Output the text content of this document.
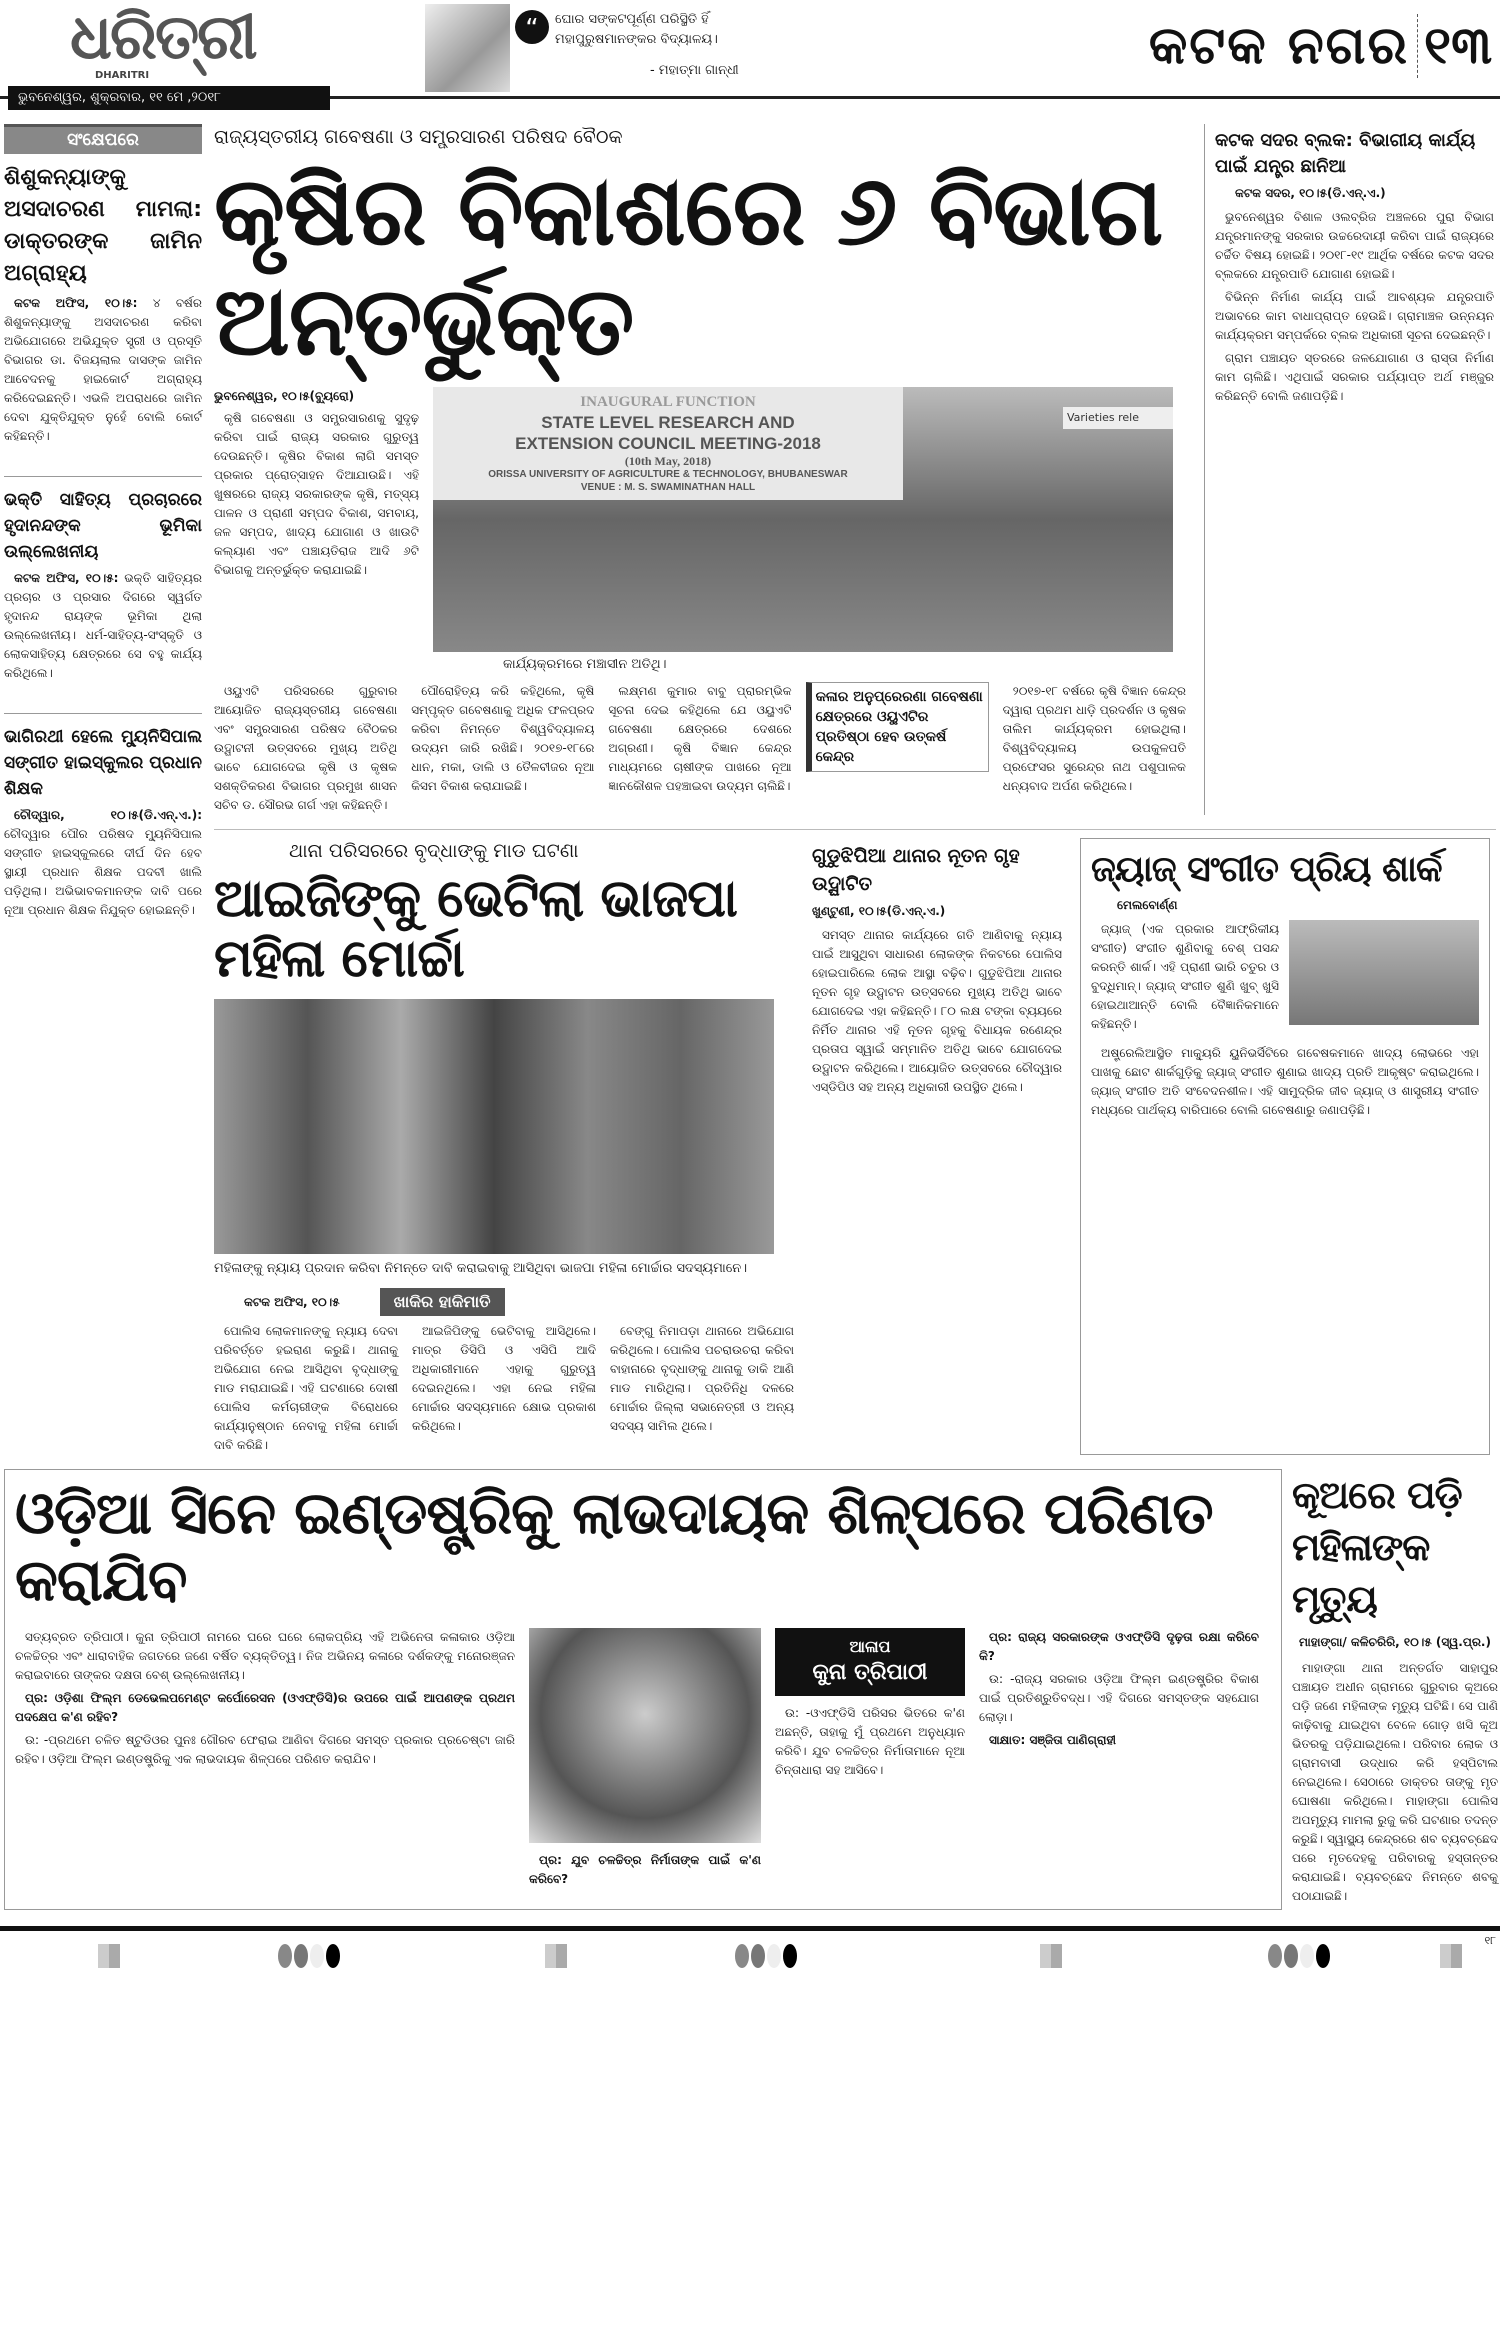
ଧରିତ୍ରୀ
DHARITRI
ଭୁବନେଶ୍ୱର, ଶୁକ୍ରବାର, ୧୧ ମେ ,୨୦୧୮
“	ଘୋର ସଙ୍କଟପୂର୍ଣ୍ଣ ପରିସ୍ଥିତି ହିଁ
ମହାପୁରୁଷମାନଙ୍କର ବିଦ୍ୟାଳୟ।
- ମହାତ୍ମା ଗାନ୍ଧୀ	କଟକ ନଗର ୧୩
ସଂକ୍ଷେପରେ
ଶିଶୁକନ୍ୟାଙ୍କୁ ଅସଦାଚରଣ ମାମଲା: ଡାକ୍ତରଙ୍କ ଜାମିନ ଅଗ୍ରାହ୍ୟ

କଟକ ଅଫିସ, ୧୦।୫: ୪ ବର୍ଷର ଶିଶୁକନ୍ୟାଙ୍କୁ ଅସଦାଚରଣ କରିବା ଅଭିଯୋଗରେ ଅଭିଯୁକ୍ତ ସ୍ତ୍ରୀ ଓ ପ୍ରସୂତି ବିଭାଗର ଡା. ବିଜୟଲାଲ ଦାସଙ୍କ ଜାମିନ ଆବେଦନକୁ ହାଇକୋର୍ଟ ଅଗ୍ରାହ୍ୟ କରିଦେଇଛନ୍ତି। ଏଭଳି ଅପରାଧରେ ଜାମିନ ଦେବା ଯୁକ୍ତିଯୁକ୍ତ ନୁହେଁ ବୋଲି କୋର୍ଟ କହିଛନ୍ତି।

ଭକ୍ତି ସାହିତ୍ୟ ପ୍ରଚାରରେ ହୃଦାନନ୍ଦଙ୍କ ଭୂମିକା ଉଲ୍ଲେଖନୀୟ

କଟକ ଅଫିସ, ୧୦।୫: ଭକ୍ତି ସାହିତ୍ୟର ପ୍ରଚାର ଓ ପ୍ରସାର ଦିଗରେ ସ୍ୱର୍ଗତ ହୃଦାନନ୍ଦ ରାୟଙ୍କ ଭୂମିକା ଥିଲା ଉଲ୍ଲେଖନୀୟ। ଧର୍ମ-ସାହିତ୍ୟ-ସଂସ୍କୃତି ଓ ଲୋକସାହିତ୍ୟ କ୍ଷେତ୍ରରେ ସେ ବହୁ କାର୍ଯ୍ୟ କରିଥିଲେ।

ଭାଗିରଥୀ ହେଲେ ମ୍ୟୁନିସିପାଲ ସଙ୍ଗୀତ ହାଇସ୍କୁଲର ପ୍ରଧାନ ଶିକ୍ଷକ

ଚୌଦ୍ୱାର, ୧୦।୫(ଡି.ଏନ୍.ଏ.): ଚୌଦ୍ୱାର ପୌର ପରିଷଦ ମ୍ୟୁନିସିପାଲ ସଙ୍ଗୀତ ହାଇସ୍କୁଲରେ ଦୀର୍ଘ ଦିନ ହେବ ସ୍ଥାୟୀ ପ୍ରଧାନ ଶିକ୍ଷକ ପଦବୀ ଖାଲି ପଡ଼ିଥିଲା। ଅଭିଭାବକମାନଙ୍କ ଦାବି ପରେ ନୂଆ ପ୍ରଧାନ ଶିକ୍ଷକ ନିଯୁକ୍ତ ହୋଇଛନ୍ତି।

ରାଜ୍ୟସ୍ତରୀୟ ଗବେଷଣା ଓ ସମ୍ପ୍ରସାରଣ ପରିଷଦ ବୈଠକ
କୃଷିର ବିକାଶରେ ୬ ବିଭାଗ ଅନ୍ତର୍ଭୁକ୍ତ
ଭୁବନେଶ୍ୱର, ୧୦।୫(ବ୍ୟୁରୋ)

କୃଷି ଗବେଷଣା ଓ ସମ୍ପ୍ରସାରଣକୁ ସୁଦୃଢ଼ କରିବା ପାଇଁ ରାଜ୍ୟ ସରକାର ଗୁରୁତ୍ୱ ଦେଉଛନ୍ତି। କୃଷିର ବିକାଶ ଲାଗି ସମସ୍ତ ପ୍ରକାର ପ୍ରୋତ୍ସାହନ ଦିଆଯାଉଛି। ଏହି ଖୁଷରରେ ରାଜ୍ୟ ସରକାରଙ୍କ କୃଷି, ମତ୍ସ୍ୟ ପାଳନ ଓ ପ୍ରାଣୀ ସମ୍ପଦ ବିକାଶ, ସମବାୟ, ଜଳ ସମ୍ପଦ, ଖାଦ୍ୟ ଯୋଗାଣ ଓ ଖାଉଟି କଲ୍ୟାଣ ଏବଂ ପଞ୍ଚାୟତିରାଜ ଆଦି ୬ଟି ବିଭାଗକୁ ଅନ୍ତର୍ଭୁକ୍ତ କରାଯାଇଛି।

INAUGURAL FUNCTION
STATE LEVEL RESEARCH AND
EXTENSION COUNCIL MEETING-2018
(10th May, 2018)
ORISSA UNIVERSITY OF AGRICULTURE & TECHNOLOGY, BHUBANESWAR
VENUE : M. S. SWAMINATHAN HALL
Varieties rele
କାର୍ଯ୍ୟକ୍ରମରେ ମଞ୍ଚାସୀନ ଅତିଥି।

ଓୟୁଏଟି ପରିସରରେ ଗୁରୁବାର ଆୟୋଜିତ ରାଜ୍ୟସ୍ତରୀୟ ଗବେଷଣା ଏବଂ ସମ୍ପ୍ରସାରଣ ପରିଷଦ ବୈଠକର ଉଦ୍ଘାଟନୀ ଉତ୍ସବରେ ମୁଖ୍ୟ ଅତିଥି ଭାବେ ଯୋଗଦେଇ କୃଷି ଓ କୃଷକ ସଶକ୍ତିକରଣ ବିଭାଗର ପ୍ରମୁଖ ଶାସନ ସଚିବ ଡ. ସୌରଭ ଗର୍ଗ ଏହା କହିଛନ୍ତି।

ପୌରୋହିତ୍ୟ କରି କହିଥିଲେ, କୃଷି ସମ୍ପୃକ୍ତ ଗବେଷଣାକୁ ଅଧିକ ଫଳପ୍ରଦ କରିବା ନିମନ୍ତେ ବିଶ୍ୱବିଦ୍ୟାଳୟ ଉଦ୍ୟମ ଜାରି ରଖିଛି। ୨୦୧୭-୧୮ରେ ଧାନ, ମକା, ଡାଲି ଓ ତୈଳବୀଜର ନୂଆ କିସମ ବିକାଶ କରାଯାଇଛି।

ଲକ୍ଷ୍ମଣ କୁମାର ବାବୁ ପ୍ରାରମ୍ଭିକ ସୂଚନା ଦେଇ କହିଥିଲେ ଯେ ଓୟୁଏଟି ଗବେଷଣା କ୍ଷେତ୍ରରେ ଦେଶରେ ଅଗ୍ରଣୀ। କୃଷି ବିଜ୍ଞାନ କେନ୍ଦ୍ର ମାଧ୍ୟମରେ ଚାଷୀଙ୍କ ପାଖରେ ନୂଆ ଜ୍ଞାନକୌଶଳ ପହଞ୍ଚାଇବା ଉଦ୍ୟମ ଚାଲିଛି।

କଳାର ଅନୁପ୍ରେରଣା ଗବେଷଣା କ୍ଷେତ୍ରରେ ଓୟୁଏଟିର ପ୍ରତିଷ୍ଠା ହେବ ଉତ୍କର୍ଷ କେନ୍ଦ୍ର

୨୦୧୭-୧୮ ବର୍ଷରେ କୃଷି ବିଜ୍ଞାନ କେନ୍ଦ୍ର ଦ୍ୱାରା ପ୍ରଥମ ଧାଡ଼ି ପ୍ରଦର୍ଶନ ଓ କୃଷକ ତାଲିମ କାର୍ଯ୍ୟକ୍ରମ ହୋଇଥିଲା। ବିଶ୍ୱବିଦ୍ୟାଳୟ ଉପକୁଳପତି ପ୍ରଫେସର ସୁରେନ୍ଦ୍ର ନାଥ ପଶୁପାଳକ ଧନ୍ୟବାଦ ଅର୍ପଣ କରିଥିଲେ।

କଟକ ସଦର ବ୍ଲକ: ବିଭାଗୀୟ କାର୍ଯ୍ୟ ପାଇଁ ଯନ୍ତ୍ର ଛାନିଆ
କଟକ ସଦର, ୧୦।୫(ଡି.ଏନ୍.ଏ.)

ଭୁବନେଶ୍ୱର ବିଶାଳ ଓଲବ୍ରିଜ ଅଞ୍ଚଳରେ ପୁରା ବିଭାଗ ଯନ୍ତ୍ରମାନଙ୍କୁ ସରକାର ଉଚ୍ଚରେଦାୟୀ କରିବା ପାଇଁ ରାଜ୍ୟରେ ଚର୍ଚ୍ଚିତ ବିଷୟ ହୋଇଛି। ୨୦୧୮-୧୯ ଆର୍ଥିକ ବର୍ଷରେ କଟକ ସଦର ବ୍ଲକରେ ଯନ୍ତ୍ରପାତି ଯୋଗାଣ ହୋଇଛି।

ବିଭିନ୍ନ ନିର୍ମାଣ କାର୍ଯ୍ୟ ପାଇଁ ଆବଶ୍ୟକ ଯନ୍ତ୍ରପାତି ଅଭାବରେ କାମ ବାଧାପ୍ରାପ୍ତ ହେଉଛି। ଗ୍ରାମାଞ୍ଚଳ ଉନ୍ନୟନ କାର୍ଯ୍ୟକ୍ରମ ସମ୍ପର୍କରେ ବ୍ଲକ ଅଧିକାରୀ ସୂଚନା ଦେଇଛନ୍ତି।

ଗ୍ରାମ ପଞ୍ଚାୟତ ସ୍ତରରେ ଜଳଯୋଗାଣ ଓ ରାସ୍ତା ନିର୍ମାଣ କାମ ଚାଲିଛି। ଏଥିପାଇଁ ସରକାର ପର୍ଯ୍ୟାପ୍ତ ଅର୍ଥ ମଞ୍ଜୁର କରିଛନ୍ତି ବୋଲି ଜଣାପଡ଼ିଛି।

ଥାନା ପରିସରରେ ବୃଦ୍ଧାଙ୍କୁ ମାଡ ଘଟଣା
ଆଇଜିଙ୍କୁ ଭେଟିଲା ଭାଜପା ମହିଳା ମୋର୍ଚ୍ଚା
ମହିଳାଙ୍କୁ ନ୍ୟାୟ ପ୍ରଦାନ କରିବା ନିମନ୍ତେ ଦାବି କରାଇବାକୁ ଆସିଥିବା ଭାଜପା ମହିଳା ମୋର୍ଚ୍ଚାର ସଦସ୍ୟମାନେ।
କଟକ ଅଫିସ, ୧୦।୫	ଖାକିର ହାକିମାତି

ପୋଲିସ ଲୋକମାନଙ୍କୁ ନ୍ୟାୟ ଦେବା ପରିବର୍ତ୍ତେ ହଇରାଣ କରୁଛି। ଥାନାକୁ ଅଭିଯୋଗ ନେଇ ଆସିଥିବା ବୃଦ୍ଧାଙ୍କୁ ମାଡ ମରାଯାଇଛି। ଏହି ଘଟଣାରେ ଦୋଷୀ ପୋଲିସ କର୍ମଚାରୀଙ୍କ ବିରୋଧରେ କାର୍ଯ୍ୟାନୁଷ୍ଠାନ ନେବାକୁ ମହିଳା ମୋର୍ଚ୍ଚା ଦାବି କରିଛି।

ଆଇଜିପିଙ୍କୁ ଭେଟିବାକୁ ଆସିଥିଲେ। ମାତ୍ର ଡିସିପି ଓ ଏସିପି ଆଦି ଅଧିକାରୀମାନେ ଏହାକୁ ଗୁରୁତ୍ୱ ଦେଇନଥିଲେ। ଏହା ନେଇ ମହିଳା ମୋର୍ଚ୍ଚାର ସଦସ୍ୟମାନେ କ୍ଷୋଭ ପ୍ରକାଶ କରିଥିଲେ।

ବେଙ୍ଗୁ ନିମାପଡ଼ା ଥାନାରେ ଅଭିଯୋଗ କରିଥିଲେ। ପୋଲିସ ପଚରାଉଚରା କରିବା ବାହାନାରେ ବୃଦ୍ଧାଙ୍କୁ ଥାନାକୁ ଡାକି ଆଣି ମାଡ ମାରିଥିଲା। ପ୍ରତିନିଧି ଦଳରେ ମୋର୍ଚ୍ଚାର ଜିଲ୍ଲା ସଭାନେତ୍ରୀ ଓ ଅନ୍ୟ ସଦସ୍ୟ ସାମିଲ ଥିଲେ।

ଗୁଡୁଝିପିଆ ଥାନାର ନୂତନ ଗୃହ ଉଦ୍ଘାଟିତ
ଖୁଣ୍ଟୁଣୀ, ୧୦।୫(ଡି.ଏନ୍.ଏ.)

ସମସ୍ତ ଥାନାର କାର୍ଯ୍ୟରେ ଗତି ଆଣିବାକୁ ନ୍ୟାୟ ପାଇଁ ଆସୁଥିବା ସାଧାରଣ ଲୋକଙ୍କ ନିକଟରେ ପୋଲିସ ହୋଇପାରିଲେ ଲୋକ ଆସ୍ଥା ବଢ଼ିବ। ଗୁଡୁଝିପିଆ ଥାନାର ନୂତନ ଗୃହ ଉଦ୍ଘାଟନ ଉତ୍ସବରେ ମୁଖ୍ୟ ଅତିଥି ଭାବେ ଯୋଗଦେଇ ଏହା କହିଛନ୍ତି। ୮୦ ଲକ୍ଷ ଟଙ୍କା ବ୍ୟୟରେ ନିର୍ମିତ ଥାନାର ଏହି ନୂତନ ଗୃହକୁ ବିଧାୟକ ରଣେନ୍ଦ୍ର ପ୍ରତାପ ସ୍ୱାଇଁ ସମ୍ମାନିତ ଅତିଥି ଭାବେ ଯୋଗଦେଇ ଉଦ୍ଘାଟନ କରିଥିଲେ। ଆୟୋଜିତ ଉତ୍ସବରେ ଚୌଦ୍ୱାର ଏସ୍‌ଡିପିଓ ସହ ଅନ୍ୟ ଅଧିକାରୀ ଉପସ୍ଥିତ ଥିଲେ।

ଜ୍ୟାଜ୍ ସଂଗୀତ ପ୍ରିୟ ଶାର୍କ
ମେଲବୋର୍ଣ୍ଣ

ଜ୍ୟାଜ୍ (ଏକ ପ୍ରକାର ଆଫ୍ରିକୀୟ ସଂଗୀତ) ସଂଗୀତ ଶୁଣିବାକୁ ବେଶ୍ ପସନ୍ଦ କରନ୍ତି ଶାର୍କ। ଏହି ପ୍ରାଣୀ ଭାରି ଚତୁର ଓ ବୁଦ୍ଧିମାନ୍। ଜ୍ୟାଜ୍ ସଂଗୀତ ଶୁଣି ଖୁବ୍ ଖୁସି ହୋଇଥାଆନ୍ତି ବୋଲି ବୈଜ୍ଞାନିକମାନେ କହିଛନ୍ତି।

ଅଷ୍ଟ୍ରେଲିଆସ୍ଥିତ ମାକ୍ୟୁରି ୟୁନିଭର୍ସିଟିରେ ଗବେଷକମାନେ ଖାଦ୍ୟ ଲୋଭରେ ଏହା ପାଖକୁ ଛୋଟ ଶାର୍କଗୁଡ଼ିକୁ ଜ୍ୟାଜ୍ ସଂଗୀତ ଶୁଣାଇ ଖାଦ୍ୟ ପ୍ରତି ଆକୃଷ୍ଟ କରାଇଥିଲେ। ଜ୍ୟାଜ୍ ସଂଗୀତ ଅତି ସଂବେଦନଶୀଳ। ଏହି ସାମୁଦ୍ରିକ ଜୀବ ଜ୍ୟାଜ୍ ଓ ଶାସ୍ତ୍ରୀୟ ସଂଗୀତ ମଧ୍ୟରେ ପାର୍ଥକ୍ୟ ବାରିପାରେ ବୋଲି ଗବେଷଣାରୁ ଜଣାପଡ଼ିଛି।

ଓଡ଼ିଆ ସିନେ ଇଣ୍ଡଷ୍ଟ୍ରିକୁ ଲାଭଦାୟକ ଶିଳ୍ପରେ ପରିଣତ କରାଯିବ

ସତ୍ୟବ୍ରତ ତ୍ରିପାଠୀ। କୁନା ତ୍ରିପାଠୀ ନାମରେ ଘରେ ଘରେ ଲୋକପ୍ରିୟ ଏହି ଅଭିନେତା କଳାକାର ଓଡ଼ିଆ ଚଳଚ୍ଚିତ୍ର ଏବଂ ଧାରାବାହିକ ଜଗତରେ ଜଣେ ବର୍ଷିତ ବ୍ୟକ୍ତିତ୍ୱ। ନିଜ ଅଭିନୟ କଳାରେ ଦର୍ଶକଙ୍କୁ ମନୋରଞ୍ଜନ କରାଇବାରେ ତାଙ୍କର ଦକ୍ଷତା ବେଶ୍ ଉଲ୍ଲେଖନୀୟ।

ପ୍ର: ଓଡ଼ିଶା ଫିଲ୍ମ ଡେଭେଲପମେଣ୍ଟ କର୍ପୋରେସନ (ଓଏଫ୍‌ଡିସି)ର ଉପରେ ପାଇଁ ଆପଣଙ୍କ ପ୍ରଥମ ପଦକ୍ଷେପ କ'ଣ ରହିବ?

ଉ: -ପ୍ରଥମେ ଚଳିତ ଷ୍ଟୁଡିଓର ପୁନଃ ଗୌରବ ଫେରାଇ ଆଣିବା ଦିଗରେ ସମସ୍ତ ପ୍ରକାର ପ୍ରଚେଷ୍ଟା ଜାରି ରହିବ। ଓଡ଼ିଆ ଫିଲ୍ମ ଇଣ୍ଡଷ୍ଟ୍ରିକୁ ଏକ ଲାଭଦାୟକ ଶିଳ୍ପରେ ପରିଣତ କରାଯିବ।

ପ୍ର: ଯୁବ ଚଳଚ୍ଚିତ୍ର ନିର୍ମାତାଙ୍କ ପାଇଁ କ'ଣ କରିବେ?

ଆଳାପ
କୁନା ତ୍ରିପାଠୀ

ଉ: -ଓଏଫ୍‌ଡିସି ପରିସର ଭିତରେ କ'ଣ ଅଛନ୍ତି, ତାହାକୁ ମୁଁ ପ୍ରଥମେ ଅନୁଧ୍ୟାନ କରିବି। ଯୁବ ଚଳଚ୍ଚିତ୍ର ନିର୍ମାତାମାନେ ନୂଆ ଚିନ୍ତାଧାରା ସହ ଆସିବେ।

ପ୍ର: ରାଜ୍ୟ ସରକାରଙ୍କ ଓଏଫ୍‌ଡିସି ଦୃଢ଼ତା ରକ୍ଷା କରିବେ କି?

ଉ: -ରାଜ୍ୟ ସରକାର ଓଡ଼ିଆ ଫିଲ୍ମ ଇଣ୍ଡଷ୍ଟ୍ରିର ବିକାଶ ପାଇଁ ପ୍ରତିଶ୍ରୁତିବଦ୍ଧ। ଏହି ଦିଗରେ ସମସ୍ତଙ୍କ ସହଯୋଗ ଲୋଡ଼ା।

ସାକ୍ଷାତ: ସଞ୍ଜିତା ପାଣିଗ୍ରାହୀ

କୂଅରେ ପଡ଼ି ମହିଳାଙ୍କ ମୃତ୍ୟୁ
ମାହାଙ୍ଗା/ କଳିଚରିରି, ୧୦।୫ (ସ୍ୱ.ପ୍ର.)

ମାହାଙ୍ଗା ଥାନା ଅନ୍ତର୍ଗତ ସାହାପୁର ପଞ୍ଚାୟତ ଅଧୀନ ଗ୍ରାମରେ ଗୁରୁବାର କୂଅରେ ପଡ଼ି ଜଣେ ମହିଳାଙ୍କ ମୃତ୍ୟୁ ଘଟିଛି। ସେ ପାଣି କାଢ଼ିବାକୁ ଯାଇଥିବା ବେଳେ ଗୋଡ଼ ଖସି କୂଅ ଭିତରକୁ ପଡ଼ିଯାଇଥିଲେ। ପରିବାର ଲୋକ ଓ ଗ୍ରାମବାସୀ ଉଦ୍ଧାର କରି ହସ୍ପିଟାଲ ନେଇଥିଲେ। ସେଠାରେ ଡାକ୍ତର ତାଙ୍କୁ ମୃତ ଘୋଷଣା କରିଥିଲେ। ମାହାଙ୍ଗା ପୋଲିସ ଅପମୃତ୍ୟୁ ମାମଲା ରୁଜୁ କରି ଘଟଣାର ତଦନ୍ତ କରୁଛି। ସ୍ୱାସ୍ଥ୍ୟ କେନ୍ଦ୍ରରେ ଶବ ବ୍ୟବଚ୍ଛେଦ ପରେ ମୃତଦେହକୁ ପରିବାରକୁ ହସ୍ତାନ୍ତର କରାଯାଇଛି। ବ୍ୟବଚ୍ଛେଦ ନିମନ୍ତେ ଶବକୁ ପଠାଯାଇଛି।

୧୮
